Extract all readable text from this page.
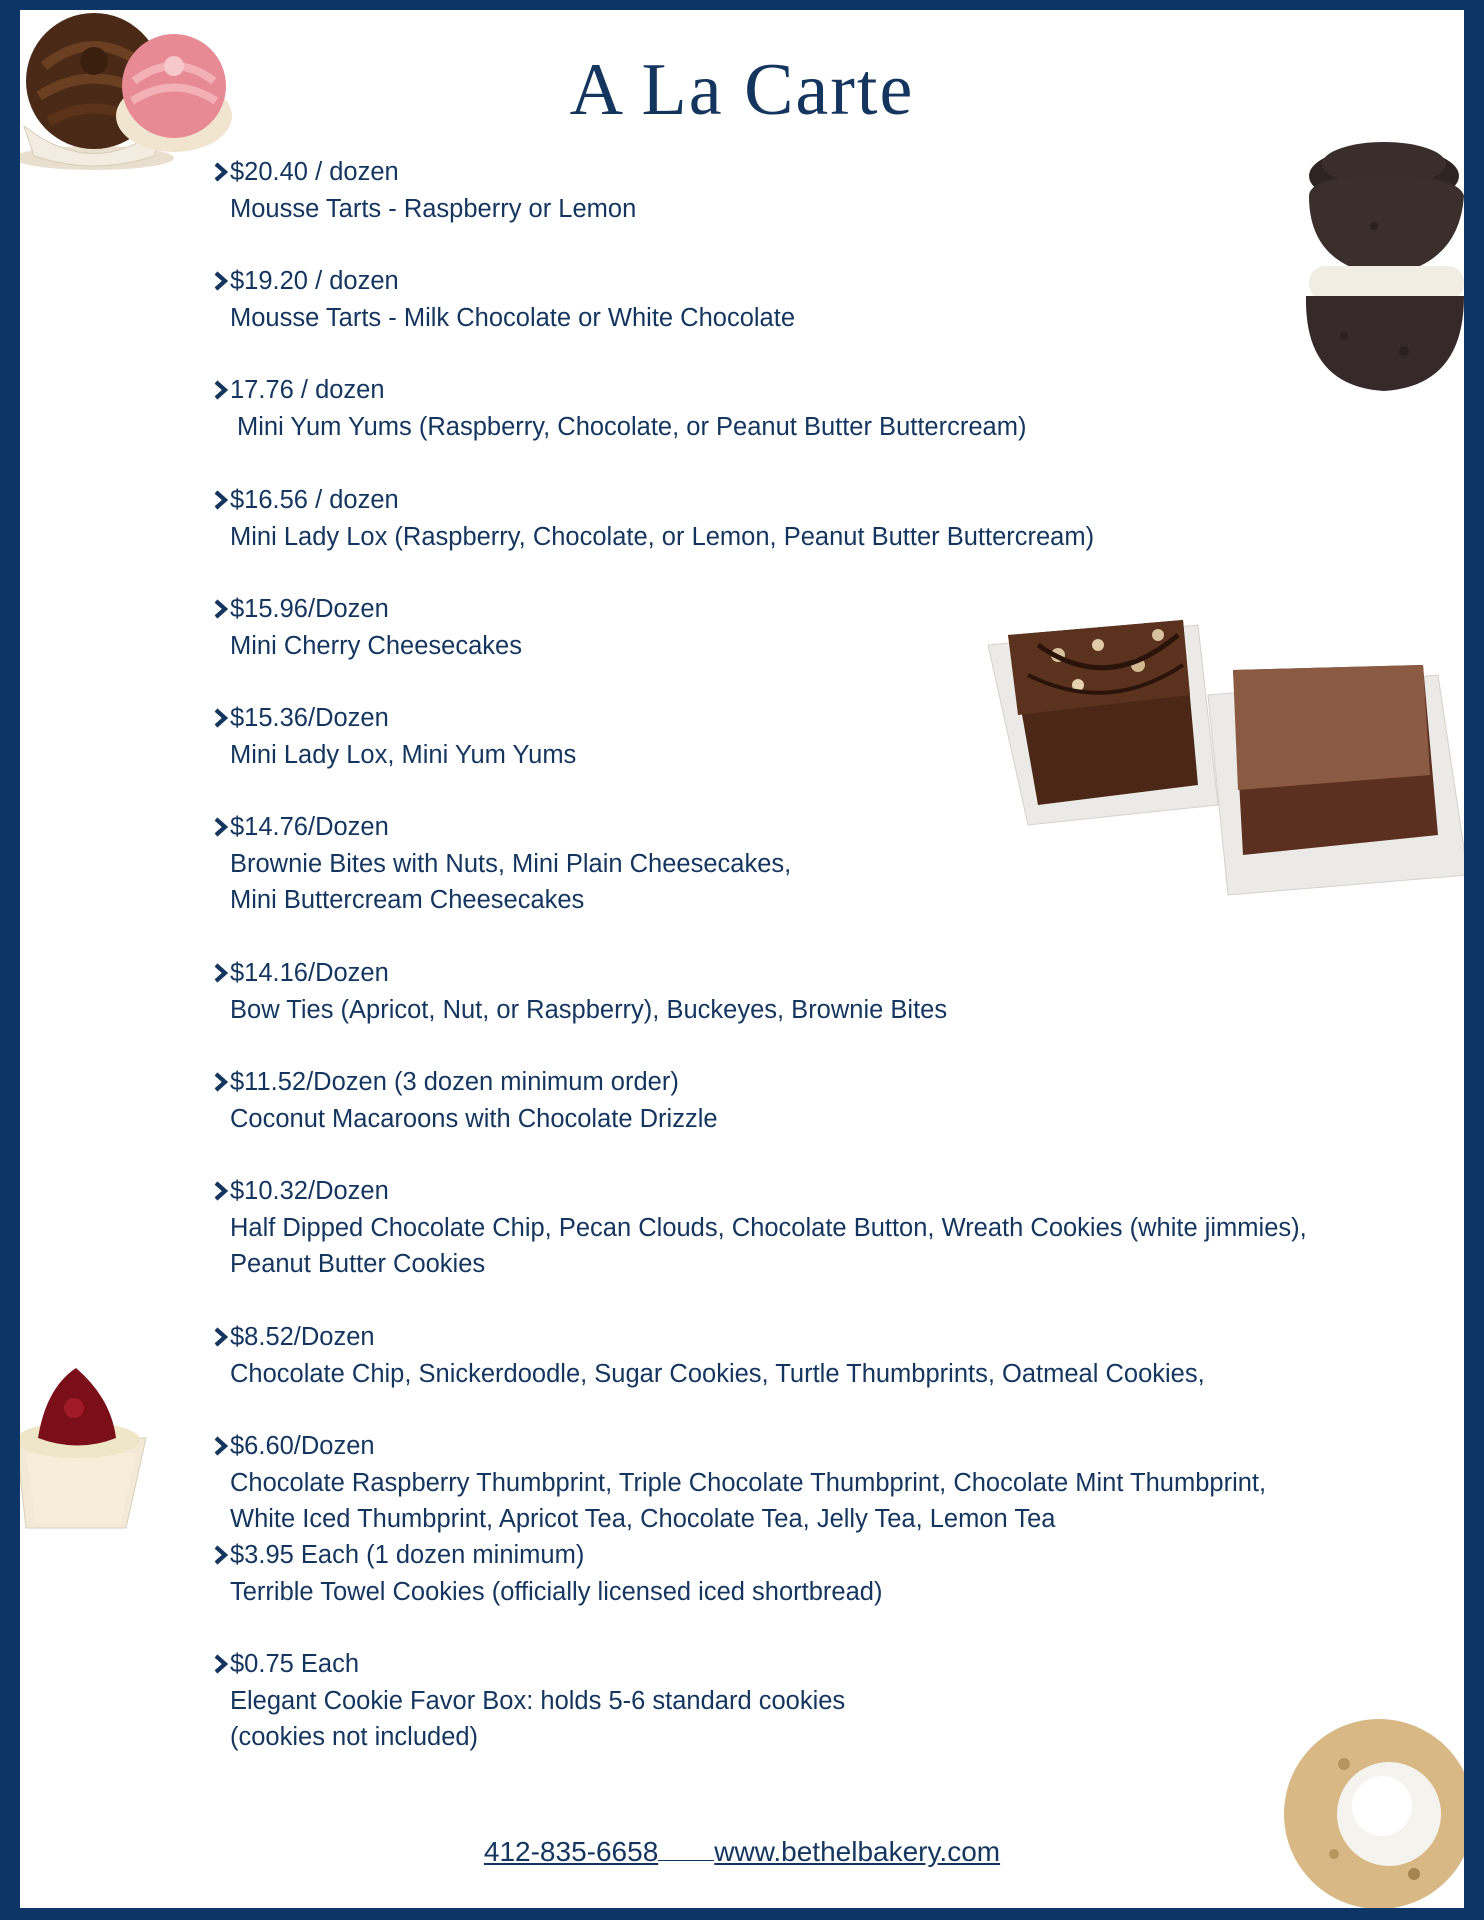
A La Carte
$20.40 / dozen
Mousse Tarts - Raspberry or Lemon
$19.20 / dozen
Mousse Tarts - Milk Chocolate or White Chocolate
17.76 / dozen
Mini Yum Yums (Raspberry, Chocolate, or Peanut Butter Buttercream)
$16.56 / dozen
Mini Lady Lox (Raspberry, Chocolate, or Lemon, Peanut Butter Buttercream)
$15.96/Dozen
Mini Cherry Cheesecakes
$15.36/Dozen
Mini Lady Lox, Mini Yum Yums
$14.76/Dozen
Brownie Bites with Nuts, Mini Plain Cheesecakes,
Mini Buttercream Cheesecakes
$14.16/Dozen
Bow Ties (Apricot, Nut, or Raspberry), Buckeyes, Brownie Bites
$11.52/Dozen (3 dozen minimum order)
Coconut Macaroons with Chocolate Drizzle
$10.32/Dozen
Half Dipped Chocolate Chip, Pecan Clouds, Chocolate Button, Wreath Cookies (white jimmies),
Peanut Butter Cookies
$8.52/Dozen
Chocolate Chip, Snickerdoodle, Sugar Cookies, Turtle Thumbprints, Oatmeal Cookies,
$6.60/Dozen
Chocolate Raspberry Thumbprint, Triple Chocolate Thumbprint, Chocolate Mint Thumbprint,
White Iced Thumbprint, Apricot Tea, Chocolate Tea, Jelly Tea, Lemon Tea
$3.95 Each (1 dozen minimum)
Terrible Towel Cookies (officially licensed iced shortbread)
$0.75 Each
Elegant Cookie Favor Box: holds 5-6 standard cookies
(cookies not included)
412-835-6658 www.bethelbakery.com
